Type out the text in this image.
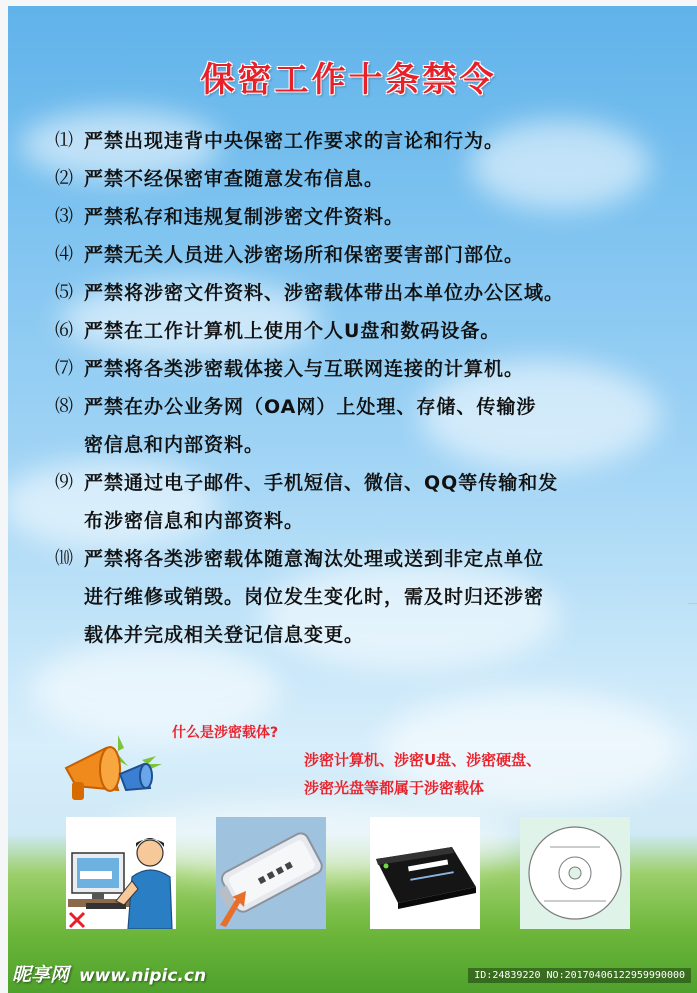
保密工作十条禁令
⑴ 严禁出现违背中央保密工作要求的言论和行为。
⑵ 严禁不经保密审查随意发布信息。
⑶ 严禁私存和违规复制涉密文件资料。
⑷ 严禁无关人员进入涉密场所和保密要害部门部位。
⑸ 严禁将涉密文件资料、涉密载体带出本单位办公区域。
⑹ 严禁在工作计算机上使用个人U盘和数码设备。
⑺ 严禁将各类涉密载体接入与互联网连接的计算机。
⑻ 严禁在办公业务网（OA网）上处理、存储、传输涉
密信息和内部资料。
⑼ 严禁通过电子邮件、手机短信、微信、QQ等传输和发
布涉密信息和内部资料。
⑽ 严禁将各类涉密载体随意淘汰处理或送到非定点单位
进行维修或销毁。岗位发生变化时，需及时归还涉密
载体并完成相关登记信息变更。
什么是涉密载体?
涉密计算机、涉密U盘、涉密硬盘、
涉密光盘等都属于涉密载体
■ ■ ■ ■
昵享网 www.nipic.cn	ID:24839220 NO:20170406122959990000
